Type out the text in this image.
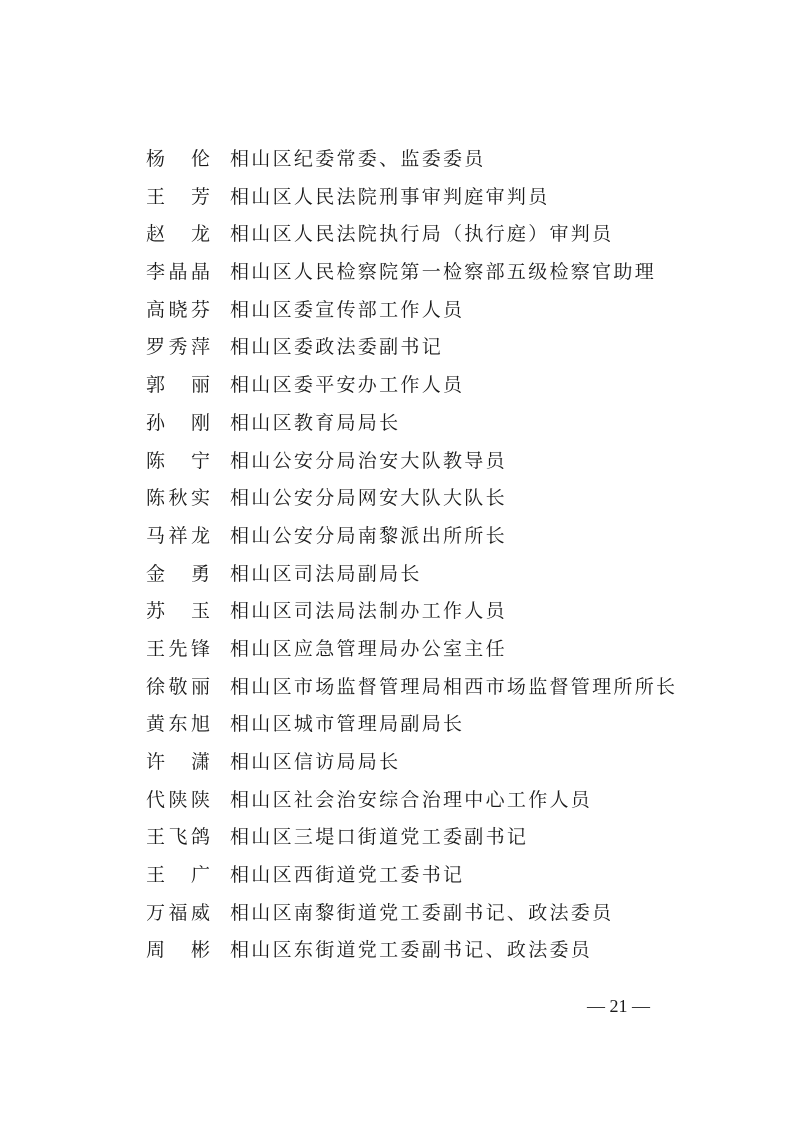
杨伦 相山区纪委常委、监委委员
王芳 相山区人民法院刑事审判庭审判员
赵龙 相山区人民法院执行局（执行庭）审判员
李晶晶 相山区人民检察院第一检察部五级检察官助理
高晓芬 相山区委宣传部工作人员
罗秀萍 相山区委政法委副书记
郭丽 相山区委平安办工作人员
孙刚 相山区教育局局长
陈宁 相山公安分局治安大队教导员
陈秋实 相山公安分局网安大队大队长
马祥龙 相山公安分局南黎派出所所长
金勇 相山区司法局副局长
苏玉 相山区司法局法制办工作人员
王先锋 相山区应急管理局办公室主任
徐敬丽 相山区市场监督管理局相西市场监督管理所所长
黄东旭 相山区城市管理局副局长
许潇 相山区信访局局长
代陕陕 相山区社会治安综合治理中心工作人员
王飞鸽 相山区三堤口街道党工委副书记
王广 相山区西街道党工委书记
万福威 相山区南黎街道党工委副书记、政法委员
周彬 相山区东街道党工委副书记、政法委员
— 21 —
